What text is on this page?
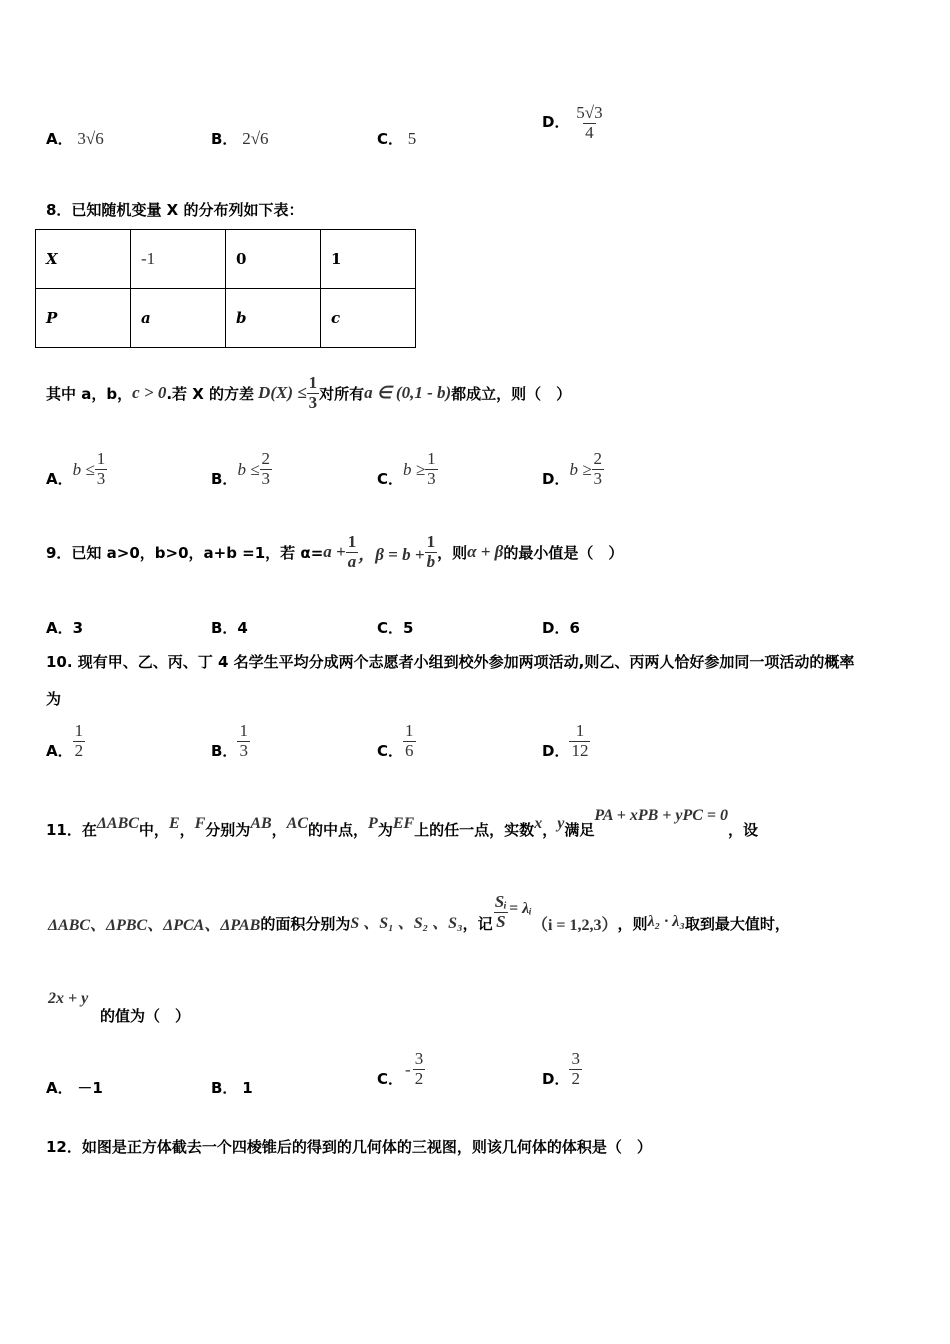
A． 3√6	B． 2√6	C． 5
D． $\frac{5√3}{4}$
8．已知随机变量 X 的分布列如下表：
X	-1	0	1
P	a	b	c
其中 a，b， c > 0 .若 X 的方差 $D(X) \le \frac{1}{3}$ 对所有 a ∈ (0,1 - b) 都成立，则（　）
A．
$b \le \frac{1}{3}$	B．
$b \le \frac{2}{3}$	C．
$b \ge \frac{1}{3}$	D．
$b \ge \frac{2}{3}$
9．已知 a>0，b>0，a+b =1，若 $\alpha= a + \frac{1}{a}$ ，$\beta = b + \frac{1}{b}$ ，则 α + β 的最小值是（　）
A．3	B．4	C．5	D．6
10. 现有甲、乙、丙、丁 4 名学生平均分成两个志愿者小组到校外参加两项活动,则乙、丙两人恰好参加同一项活动的概率
为
A． $\frac{1}{2}$	B． $\frac{1}{3}$	C． $\frac{1}{6}$	D． $\frac{1}{12}$
11．在 ΔABC 中， E ， F 分别为 AB ， AC 的中点， P 为 EF 上的任一点，实数 x ， y 满足
PA + xPB + yPC = 0
，设
ΔABC、ΔPBC、ΔPCA、ΔPAB 的面积分别为 S 、S₁ 、S₂ 、S₃ ，记 $\frac{\text{Sᵢ}}{S}$ = λᵢ
（i = 1,2,3） ，则 λ₂ · λ₃ 取到最大值时，
2x + y
的值为（　）
A． －1	B． 1	C．
- $\frac{3}{2}$	D． $\frac{3}{2}$
12．如图是正方体截去一个四棱锥后的得到的几何体的三视图，则该几何体的体积是（　）
